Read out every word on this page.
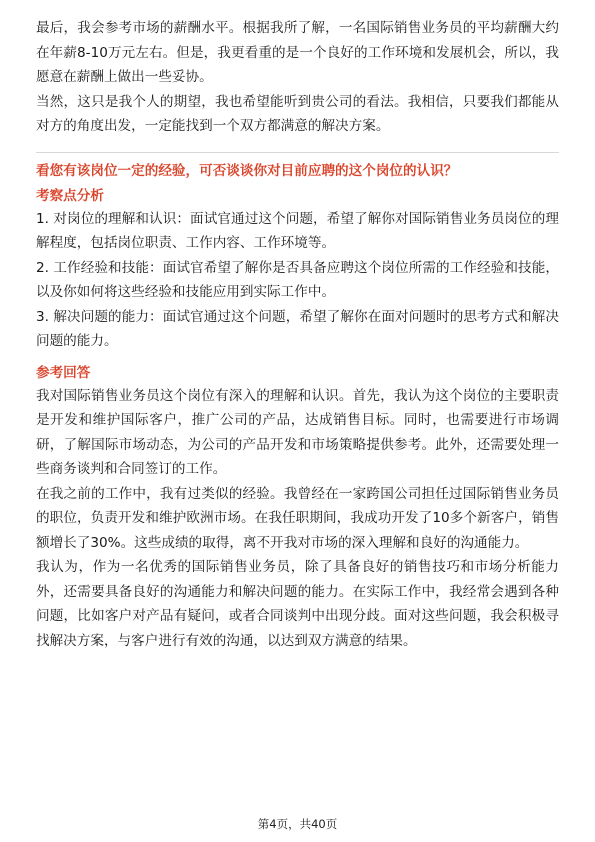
最后，我会参考市场的薪酬水平。根据我所了解，一名国际销售业务员的平均薪酬大约在年薪8-10万元左右。但是，我更看重的是一个良好的工作环境和发展机会，所以，我愿意在薪酬上做出一些妥协。

当然，这只是我个人的期望，我也希望能听到贵公司的看法。我相信，只要我们都能从对方的角度出发，一定能找到一个双方都满意的解决方案。

看您有该岗位一定的经验，可否谈谈你对目前应聘的这个岗位的认识？
考察点分析

1. 对岗位的理解和认识：面试官通过这个问题，希望了解你对国际销售业务员岗位的理解程度，包括岗位职责、工作内容、工作环境等。

2. 工作经验和技能：面试官希望了解你是否具备应聘这个岗位所需的工作经验和技能，以及你如何将这些经验和技能应用到实际工作中。

3. 解决问题的能力：面试官通过这个问题，希望了解你在面对问题时的思考方式和解决问题的能力。

参考回答

我对国际销售业务员这个岗位有深入的理解和认识。首先，我认为这个岗位的主要职责是开发和维护国际客户，推广公司的产品，达成销售目标。同时，也需要进行市场调研，了解国际市场动态，为公司的产品开发和市场策略提供参考。此外，还需要处理一些商务谈判和合同签订的工作。

在我之前的工作中，我有过类似的经验。我曾经在一家跨国公司担任过国际销售业务员的职位，负责开发和维护欧洲市场。在我任职期间，我成功开发了10多个新客户，销售额增长了30%。这些成绩的取得，离不开我对市场的深入理解和良好的沟通能力。

我认为，作为一名优秀的国际销售业务员，除了具备良好的销售技巧和市场分析能力外，还需要具备良好的沟通能力和解决问题的能力。在实际工作中，我经常会遇到各种问题，比如客户对产品有疑问，或者合同谈判中出现分歧。面对这些问题，我会积极寻找解决方案，与客户进行有效的沟通，以达到双方满意的结果。

第4页，共40页
